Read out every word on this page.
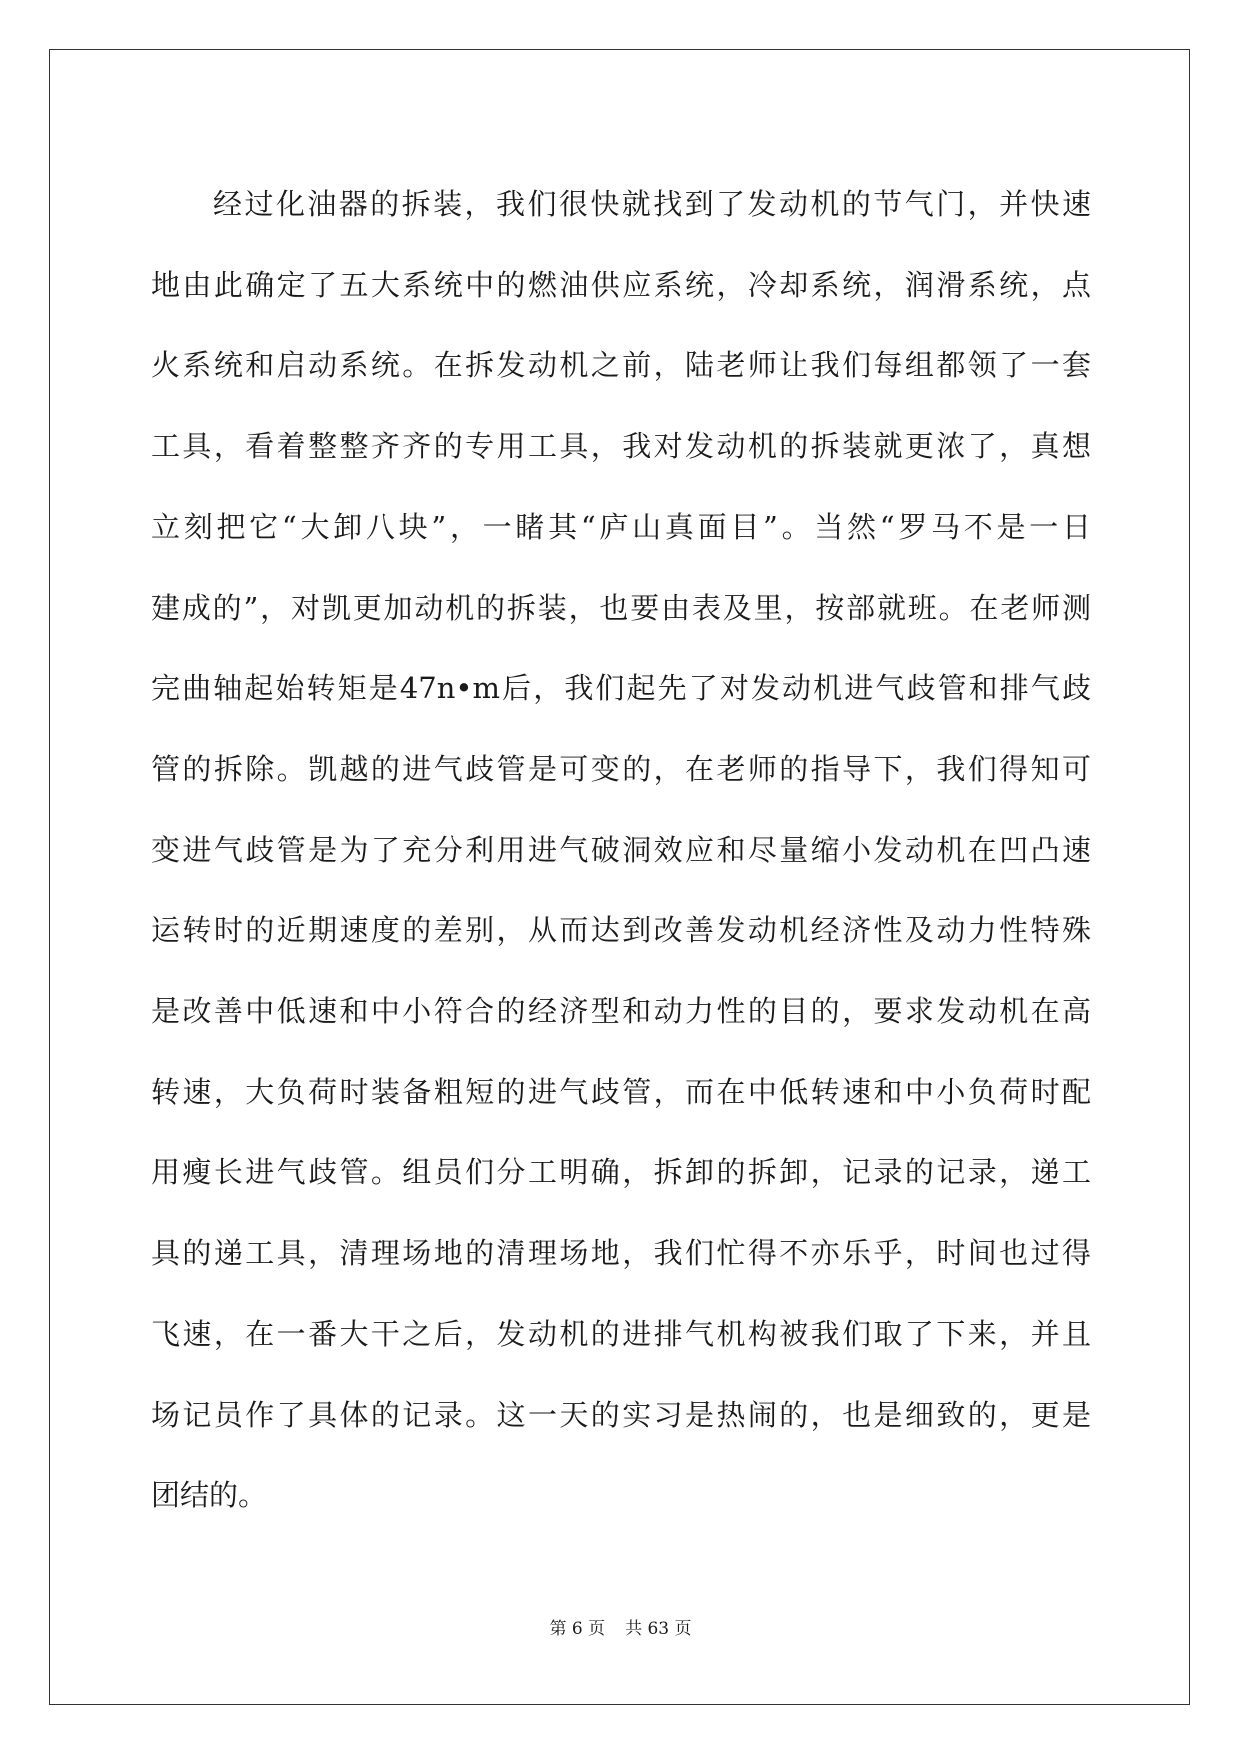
经过化油器的拆装，我们很快就找到了发动机的节气门，并快速
地由此确定了五大系统中的燃油供应系统，冷却系统，润滑系统，点
火系统和启动系统。在拆发动机之前，陆老师让我们每组都领了一套
工具，看着整整齐齐的专用工具，我对发动机的拆装就更浓了，真想
立刻把它“大卸八块”，一睹其“庐山真面目”。当然“罗马不是一日
建成的”，对凯更加动机的拆装，也要由表及里，按部就班。在老师测
完曲轴起始转矩是47n•m后，我们起先了对发动机进气歧管和排气歧
管的拆除。凯越的进气歧管是可变的，在老师的指导下，我们得知可
变进气歧管是为了充分利用进气破洞效应和尽量缩小发动机在凹凸速
运转时的近期速度的差别，从而达到改善发动机经济性及动力性特殊
是改善中低速和中小符合的经济型和动力性的目的，要求发动机在高
转速，大负荷时装备粗短的进气歧管，而在中低转速和中小负荷时配
用瘦长进气歧管。组员们分工明确，拆卸的拆卸，记录的记录，递工
具的递工具，清理场地的清理场地，我们忙得不亦乐乎，时间也过得
飞速，在一番大干之后，发动机的进排气机构被我们取了下来，并且
场记员作了具体的记录。这一天的实习是热闹的，也是细致的，更是
团结的。
第 6 页 共 63 页
